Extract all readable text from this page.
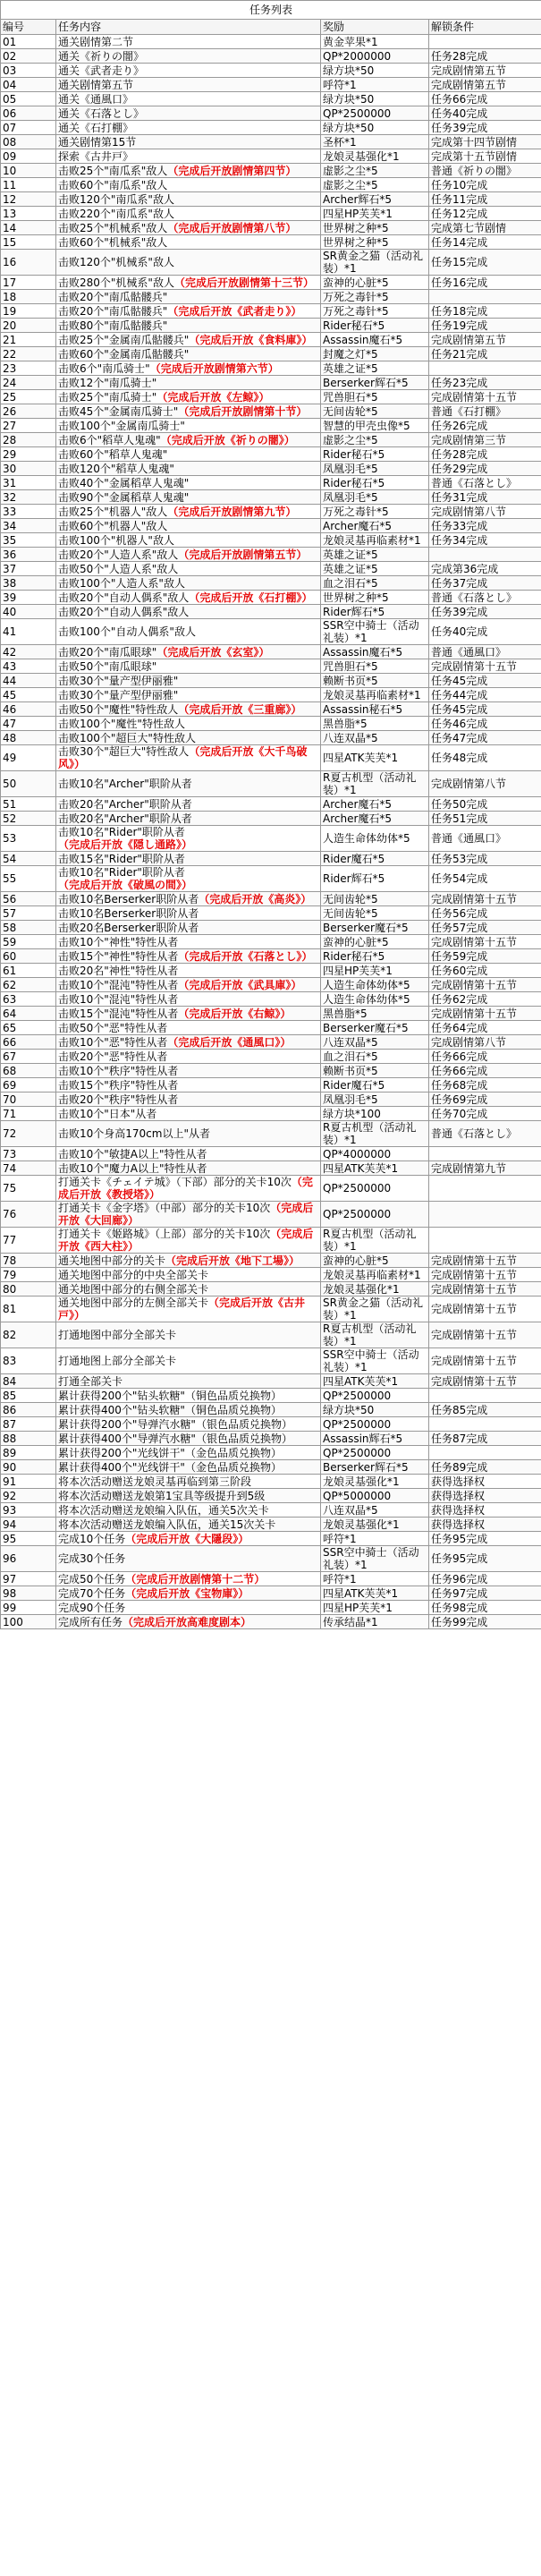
任务列表
编号	任务内容	奖励	解锁条件
01	通关剧情第二节	黄金苹果*1	
02	通关《祈りの闇》	QP*2000000	任务28完成
03	通关《武者走り》	绿方块*50	完成剧情第五节
04	通关剧情第五节	呼符*1	完成剧情第五节
05	通关《通風口》	绿方块*50	任务66完成
06	通关《石落とし》	QP*2500000	任务40完成
07	通关《石打棚》	绿方块*50	任务39完成
08	通关剧情第15节	圣杯*1	完成第十四节剧情
09	探索《古井戸》	龙娘灵基强化*1	完成第十五节剧情
10	击败25个"南瓜系"敌人（完成后开放剧情第四节）	虚影之尘*5	普通《祈りの闇》
11	击败60个"南瓜系"敌人	虚影之尘*5	任务10完成
12	击败120个"南瓜系"敌人	Archer辉石*5	任务11完成
13	击败220个"南瓜系"敌人	四星HP芙芙*1	任务12完成
14	击败25个"机械系"敌人（完成后开放剧情第八节）	世界树之种*5	完成第七节剧情
15	击败60个"机械系"敌人	世界树之种*5	任务14完成
16	击败120个"机械系"敌人	SR黄金之猫（活动礼装）*1	任务15完成
17	击败280个"机械系"敌人（完成后开放剧情第十三节）	蛮神的心脏*5	任务16完成
18	击败20个"南瓜骷髅兵"	万死之毒针*5	
19	击败20个"南瓜骷髅兵"（完成后开放《武者走り》）	万死之毒针*5	任务18完成
20	击败80个"南瓜骷髅兵"	Rider秘石*5	任务19完成
21	击败25个"金属南瓜骷髅兵"（完成后开放《食料庫》）	Assassin魔石*5	完成剧情第五节
22	击败60个"金属南瓜骷髅兵"	封魔之灯*5	任务21完成
23	击败6个"南瓜骑士"（完成后开放剧情第六节）	英雄之证*5	
24	击败12个"南瓜骑士"	Berserker辉石*5	任务23完成
25	击败25个"南瓜骑士"（完成后开放《左鲸》）	咒兽胆石*5	完成剧情第十五节
26	击败45个"金属南瓜骑士"（完成后开放剧情第十节）	无间齿轮*5	普通《石打棚》
27	击败100个"金属南瓜骑士"	智慧的甲壳虫像*5	任务26完成
28	击败6个"稻草人鬼魂"（完成后开放《祈りの闇》）	虚影之尘*5	完成剧情第三节
29	击败60个"稻草人鬼魂"	Rider秘石*5	任务28完成
30	击败120个"稻草人鬼魂"	凤凰羽毛*5	任务29完成
31	击败40个"金属稻草人鬼魂"	Rider秘石*5	普通《石落とし》
32	击败90个"金属稻草人鬼魂"	凤凰羽毛*5	任务31完成
33	击败25个"机器人"敌人（完成后开放剧情第九节）	万死之毒针*5	完成剧情第八节
34	击败60个"机器人"敌人	Archer魔石*5	任务33完成
35	击败100个"机器人"敌人	龙娘灵基再临素材*1	任务34完成
36	击败20个"人造人系"敌人（完成后开放剧情第五节）	英雄之证*5	
37	击败50个"人造人系"敌人	英雄之证*5	完成第36完成
38	击败100个"人造人系"敌人	血之泪石*5	任务37完成
39	击败20个"自动人偶系"敌人（完成后开放《石打棚》）	世界树之种*5	普通《石落とし》
40	击败20个"自动人偶系"敌人	Rider辉石*5	任务39完成
41	击败100个"自动人偶系"敌人	SSR空中骑士（活动礼装）*1	任务40完成
42	击败20个"南瓜眼球"（完成后开放《玄室》）	Assassin魔石*5	普通《通風口》
43	击败50个"南瓜眼球"	咒兽胆石*5	完成剧情第十五节
44	击败30个"量产型伊丽雅"	赖断书页*5	任务45完成
45	击败30个"量产型伊丽雅"	龙娘灵基再临素材*1	任务44完成
46	击败50个"魔性"特性敌人（完成后开放《三重廊》）	Assassin秘石*5	任务45完成
47	击败100个"魔性"特性敌人	黑兽脂*5	任务46完成
48	击败100个"超巨大"特性敌人	八连双晶*5	任务47完成
49	击败30个"超巨大"特性敌人（完成后开放《大千鸟破风》）	四星ATK芙芙*1	任务48完成
50	击败10名"Archer"职阶从者	R夏古机型（活动礼装）*1	完成剧情第八节
51	击败20名"Archer"职阶从者	Archer魔石*5	任务50完成
52	击败20名"Archer"职阶从者	Archer魔石*5	任务51完成
53	击败10名"Rider"职阶从者（完成后开放《隠し通路》）	人造生命体幼体*5	普通《通風口》
54	击败15名"Rider"职阶从者	Rider魔石*5	任务53完成
55	击败10名"Rider"职阶从者（完成后开放《破風の間》）	Rider辉石*5	任务54完成
56	击败10名Berserker职阶从者（完成后开放《高炎》）	无间齿轮*5	完成剧情第十五节
57	击败10名Berserker职阶从者	无间齿轮*5	任务56完成
58	击败20名Berserker职阶从者	Berserker魔石*5	任务57完成
59	击败10个"神性"特性从者	蛮神的心脏*5	完成剧情第十五节
60	击败15个"神性"特性从者（完成后开放《石落とし》）	Rider秘石*5	任务59完成
61	击败20名"神性"特性从者	四星HP芙芙*1	任务60完成
62	击败10个"混沌"特性从者（完成后开放《武具庫》）	人造生命体幼体*5	完成剧情第十五节
63	击败10个"混沌"特性从者	人造生命体幼体*5	任务62完成
64	击败15个"混沌"特性从者（完成后开放《右鲸》）	黑兽脂*5	完成剧情第十五节
65	击败50个"恶"特性从者	Berserker魔石*5	任务64完成
66	击败10个"恶"特性从者（完成后开放《通風口》）	八连双晶*5	完成剧情第八节
67	击败20个"恶"特性从者	血之泪石*5	任务66完成
68	击败10个"秩序"特性从者	赖断书页*5	任务66完成
69	击败15个"秩序"特性从者	Rider魔石*5	任务68完成
70	击败20个"秩序"特性从者	凤凰羽毛*5	任务69完成
71	击败10个"日本"从者	绿方块*100	任务70完成
72	击败10个身高170cm以上"从者	R夏古机型（活动礼装）*1	普通《石落とし》
73	击败10个"敏捷A以上"特性从者	QP*4000000	
74	击败10个"魔力A以上"特性从者	四星ATK芙芙*1	完成剧情第九节
75	打通关卡《チェイテ城》（下部）部分的关卡10次（完成后开放《教授塔》）	QP*2500000	
76	打通关卡《金字塔》（中部）部分的关卡10次（完成后开放《大回廊》）	QP*2500000	
77	打通关卡《姬路城》（上部）部分的关卡10次（完成后开放《西大柱》）	R夏古机型（活动礼装）*1	
78	通关地图中部分的关卡（完成后开放《地下工場》）	蛮神的心脏*5	完成剧情第十五节
79	通关地图中部分的中央全部关卡	龙娘灵基再临素材*1	完成剧情第十五节
80	通关地图中部分的右侧全部关卡	龙娘灵基强化*1	完成剧情第十五节
81	通关地图中部分的左侧全部关卡（完成后开放《古井戸》）	SR黄金之猫（活动礼装）*1	完成剧情第十五节
82	打通地图中部分全部关卡	R夏古机型（活动礼装）*1	完成剧情第十五节
83	打通地图上部分全部关卡	SSR空中骑士（活动礼装）*1	完成剧情第十五节
84	打通全部关卡	四星ATK芙芙*1	完成剧情第十五节
85	累计获得200个"钻头软糖"（铜色品质兑换物）	QP*2500000	
86	累计获得400个"钻头软糖"（铜色品质兑换物）	绿方块*50	任务85完成
87	累计获得200个"导弹汽水糖"（银色品质兑换物）	QP*2500000	
88	累计获得400个"导弹汽水糖"（银色品质兑换物）	Assassin辉石*5	任务87完成
89	累计获得200个"光线饼干"（金色品质兑换物）	QP*2500000	
90	累计获得400个"光线饼干"（金色品质兑换物）	Berserker辉石*5	任务89完成
91	将本次活动赠送龙娘灵基再临到第三阶段	龙娘灵基强化*1	获得选择权
92	将本次活动赠送龙娘第1宝具等级提升到5级	QP*5000000	获得选择权
93	将本次活动赠送龙娘编入队伍，通关5次关卡	八连双晶*5	获得选择权
94	将本次活动赠送龙娘编入队伍，通关15次关卡	龙娘灵基强化*1	获得选择权
95	完成10个任务（完成后开放《大隱段》）	呼符*1	任务95完成
96	完成30个任务	SSR空中骑士（活动礼装）*1	任务95完成
97	完成50个任务（完成后开放剧情第十二节）	呼符*1	任务96完成
98	完成70个任务（完成后开放《宝物庫》）	四星ATK芙芙*1	任务97完成
99	完成90个任务	四星HP芙芙*1	任务98完成
100	完成所有任务（完成后开放高难度剧本）	传承结晶*1	任务99完成
